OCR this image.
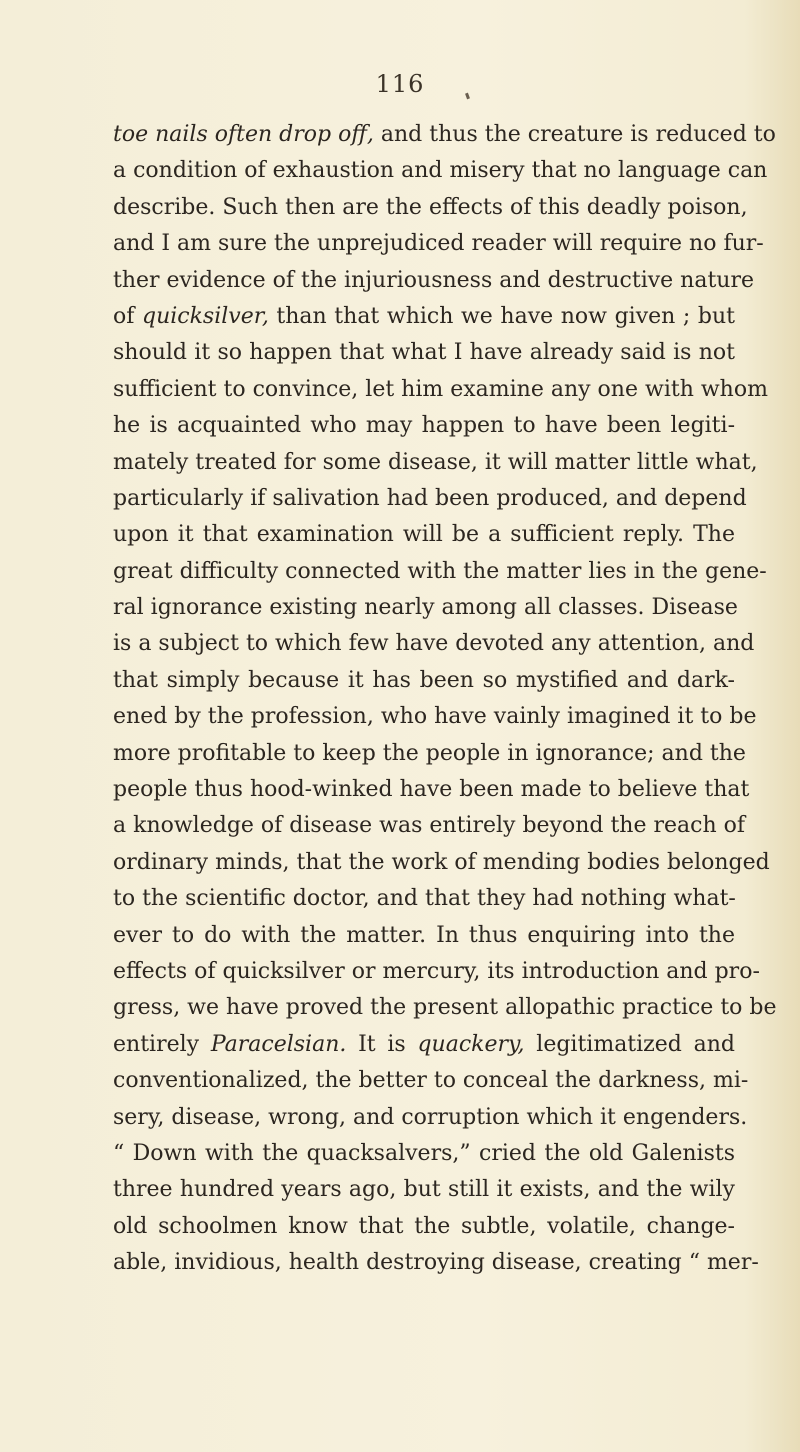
116
toe nails often drop off, and thus the creature is reduced to
a condition of exhaustion and misery that no language can
describe. Such then are the effects of this deadly poison,
and I am sure the unprejudiced reader will require no fur-
ther evidence of the injuriousness and destructive nature
of quicksilver, than that which we have now given ; but
should it so happen that what I have already said is not
sufficient to convince, let him examine any one with whom
he is acquainted who may happen to have been legiti-
mately treated for some disease, it will matter little what,
particularly if salivation had been produced, and depend
upon it that examination will be a sufficient reply. The
great difficulty connected with the matter lies in the gene-
ral ignorance existing nearly among all classes. Disease
is a subject to which few have devoted any attention, and
that simply because it has been so mystified and dark-
ened by the profession, who have vainly imagined it to be
more profitable to keep the people in ignorance; and the
people thus hood-winked have been made to believe that
a knowledge of disease was entirely beyond the reach of
ordinary minds, that the work of mending bodies belonged
to the scientific doctor, and that they had nothing what-
ever to do with the matter. In thus enquiring into the
effects of quicksilver or mercury, its introduction and pro-
gress, we have proved the present allopathic practice to be
entirely Paracelsian. It is quackery, legitimatized and
conventionalized, the better to conceal the darkness, mi-
sery, disease, wrong, and corruption which it engenders.
“ Down with the quacksalvers,” cried the old Galenists
three hundred years ago, but still it exists, and the wily
old schoolmen know that the subtle, volatile, change-
able, invidious, health destroying disease, creating “ mer-
